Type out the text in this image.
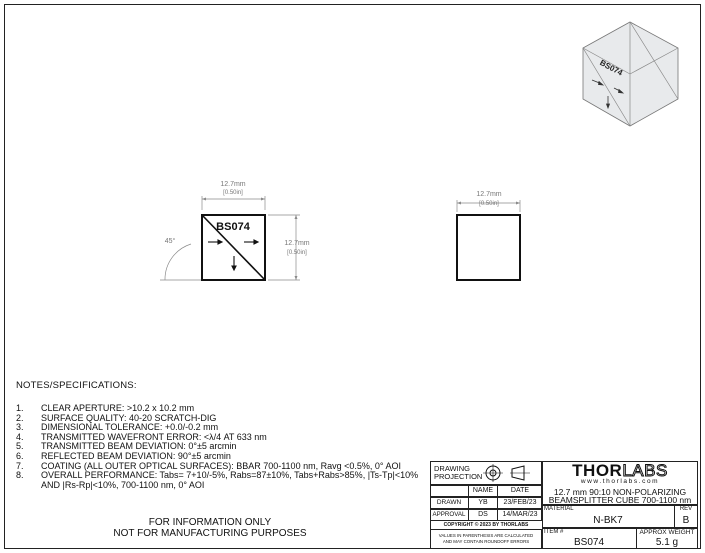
BS074
12.7mm
[0.50in]
12.7mm
[0.50in]
45°
12.7mm
[0.50in]
BS074
NOTES/SPECIFICATIONS:
1.	CLEAR APERTURE: >10.2 x 10.2 mm
2.	SURFACE QUALITY: 40-20 SCRATCH-DIG
3.	DIMENSIONAL TOLERANCE: +0.0/-0.2 mm
4.	TRANSMITTED WAVEFRONT ERROR: <λ/4 AT 633 nm
5.	TRANSMITTED BEAM DEVIATION: 0°±5 arcmin
6.	REFLECTED BEAM DEVIATION: 90°±5 arcmin
7.	COATING (ALL OUTER OPTICAL SURFACES): BBAR 700-1100 nm, Ravg <0.5%, 0° AOI
8.	OVERALL PERFORMANCE: Tabs= 7+10/-5%, Rabs=87±10%, Tabs+Rabs>85%, |Ts-Tp|<10% AND |Rs-Rp|<10%, 700-1100 nm, 0° AOI
FOR INFORMATION ONLY
NOT FOR MANUFACTURING PURPOSES
DRAWING
PROJECTION
NAME	DATE
DRAWN	YB	23/FEB/23
APPROVAL	DS	14/MAR/23
COPYRIGHT © 2023 BY THORLABS
VALUES IN PARENTHESIS ARE CALCULATED
AND MAY CONTAIN ROUNDOFF ERRORS
THORLABS
www.thorlabs.com
12.7 mm 90:10 NON-POLARIZING
BEAMSPLITTER CUBE 700-1100 nm
MATERIAL
N-BK7
REV
B
ITEM #
BS074
APPROX WEIGHT
5.1 g
